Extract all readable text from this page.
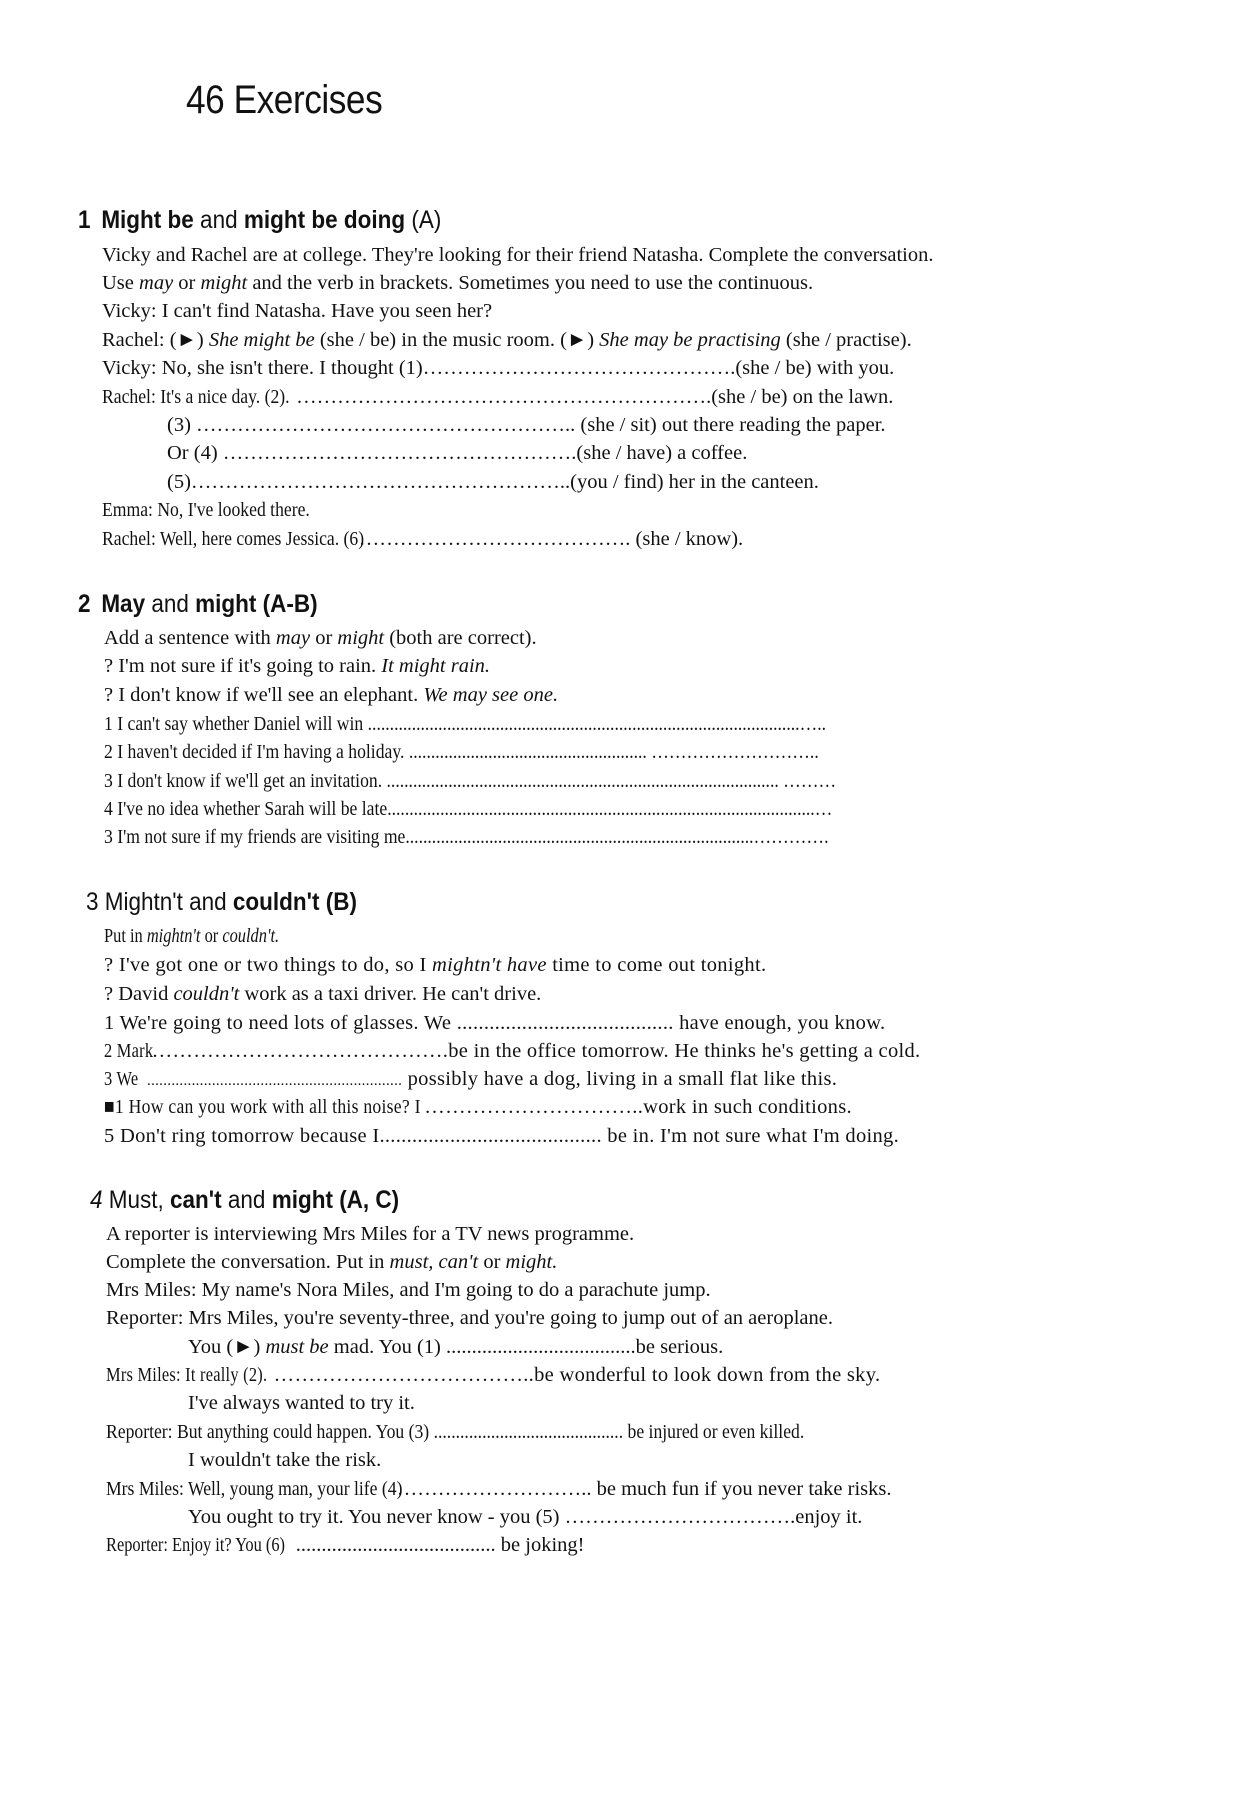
46 Exercises
1 Might be and might be doing (A)
Vicky and Rachel are at college. They're looking for their friend Natasha. Complete the conversation.
Use may or might and the verb in brackets. Sometimes you need to use the continuous.
Vicky: I can't find Natasha. Have you seen her?
Rachel: (►) She might be (she / be) in the music room. (►) She may be practising (she / practise).
Vicky: No, she isn't there. I thought (1)……………………………………….(she / be) with you.
Rachel: It's a nice day. (2). …………………………………………………….(she / be) on the lawn.
(3) ……………………………………………….. (she / sit) out there reading the paper.
Or (4) …………………………………………….(she / have) a coffee.
(5)………………………………………………..(you / find) her in the canteen.
Emma: No, I've looked there.
Rachel: Well, here comes Jessica. (6)…………………………………. (she / know).
2 May and might (A-B)
Add a sentence with may or might (both are correct).
? I'm not sure if it's going to rain. It might rain.
? I don't know if we'll see an elephant. We may see one.
1 I can't say whether Daniel will win ..................................................................................................…..
2 I haven't decided if I'm having a holiday. ...................................................... ………………………..
3 I don't know if we'll get an invitation. ......................................................................................... ………
4 I've no idea whether Sarah will be late.................................................................................................…
3 I'm not sure if my friends are visiting me...............................................................................………….
3 Mightn't and couldn't (B)
Put in mightn't or couldn't.
? I've got one or two things to do, so I mightn't have time to come out tonight.
? David couldn't work as a taxi driver. He can't drive.
1 We're going to need lots of glasses. We ........................................ have enough, you know.
2 Mark…………………………………….be in the office tomorrow. He thinks he's getting a cold.
3 We............................................................... possibly have a dog, living in a small flat like this.
■1 How can you work with all this noise? I…………………………..work in such conditions.
5 Don't ring tomorrow because I......................................... be in. I'm not sure what I'm doing.
4 Must, can't and might (A, C)
A reporter is interviewing Mrs Miles for a TV news programme.
Complete the conversation. Put in must, can't or might.
Mrs Miles: My name's Nora Miles, and I'm going to do a parachute jump.
Reporter: Mrs Miles, you're seventy-three, and you're going to jump out of an aeroplane.
You (►) must be mad. You (1) .....................................be serious.
Mrs Miles: It really (2). ………………………………..be wonderful to look down from the sky.
I've always wanted to try it.
Reporter: But anything could happen. You (3) ........................................... be injured or even killed.
I wouldn't take the risk.
Mrs Miles: Well, young man, your life (4)……………………….. be much fun if you never take risks.
You ought to try it. You never know - you (5) …………………………….enjoy it.
Reporter: Enjoy it? You (6)....................................... be joking!
